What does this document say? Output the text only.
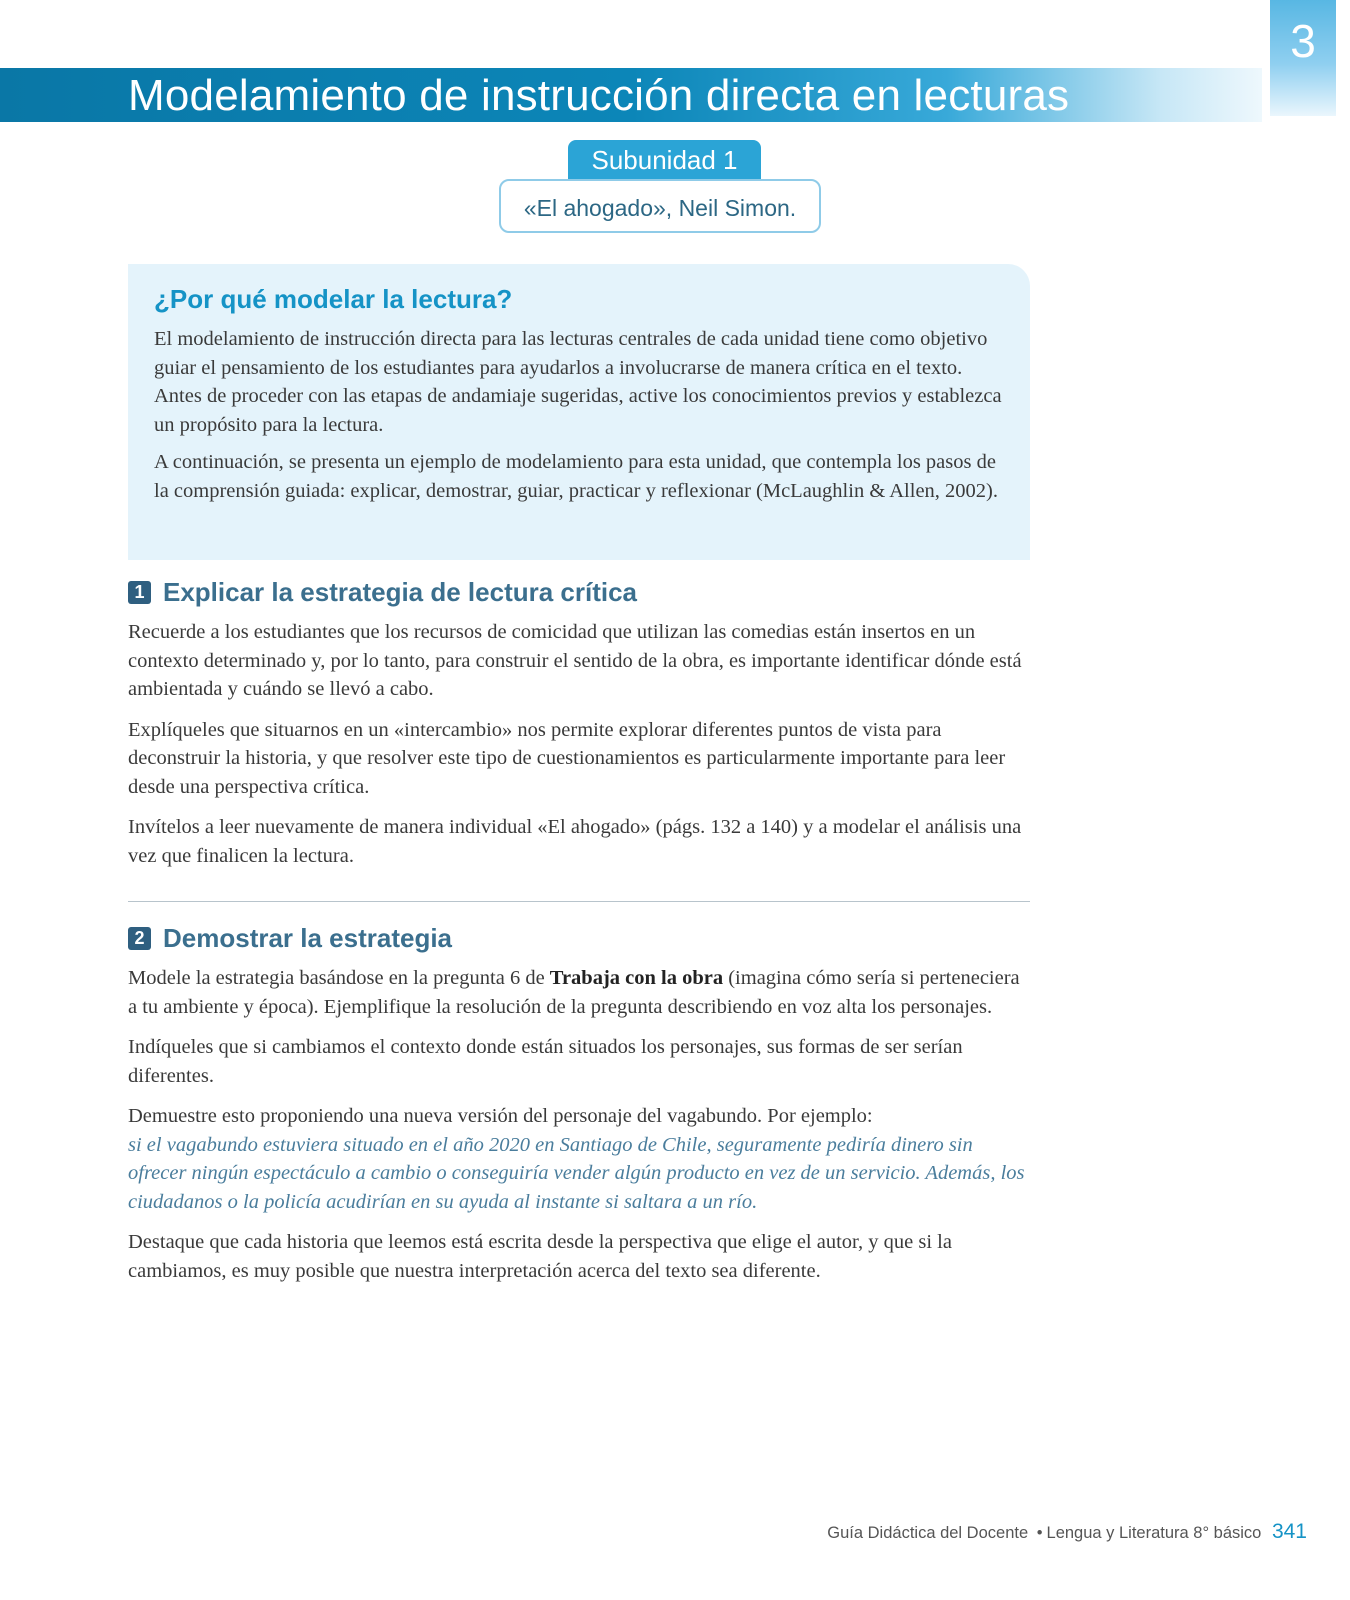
3
Modelamiento de instrucción directa en lecturas
Subunidad 1
«El ahogado», Neil Simon.
¿Por qué modelar la lectura?

El modelamiento de instrucción directa para las lecturas centrales de cada unidad tiene como objetivo guiar el pensamiento de los estudiantes para ayudarlos a involucrarse de manera crítica en el texto. Antes de proceder con las etapas de andamiaje sugeridas, active los conocimientos previos y establezca un propósito para la lectura.

A continuación, se presenta un ejemplo de modelamiento para esta unidad, que contempla los pasos de la comprensión guiada: explicar, demostrar, guiar, practicar y reflexionar (McLaughlin & Allen, 2002).

1 Explicar la estrategia de lectura crítica

Recuerde a los estudiantes que los recursos de comicidad que utilizan las comedias están insertos en un contexto determinado y, por lo tanto, para construir el sentido de la obra, es importante identificar dónde está ambientada y cuándo se llevó a cabo.

Explíqueles que situarnos en un «intercambio» nos permite explorar diferentes puntos de vista para deconstruir la historia, y que resolver este tipo de cuestionamientos es particularmente importante para leer desde una perspectiva crítica.

Invítelos a leer nuevamente de manera individual «El ahogado» (págs. 132 a 140) y a modelar el análisis una vez que finalicen la lectura.

2 Demostrar la estrategia

Modele la estrategia basándose en la pregunta 6 de Trabaja con la obra (imagina cómo sería si perteneciera a tu ambiente y época). Ejemplifique la resolución de la pregunta describiendo en voz alta los personajes.

Indíqueles que si cambiamos el contexto donde están situados los personajes, sus formas de ser serían diferentes.

Demuestre esto proponiendo una nueva versión del personaje del vagabundo. Por ejemplo:
si el vagabundo estuviera situado en el año 2020 en Santiago de Chile, seguramente pediría dinero sin ofrecer ningún espectáculo a cambio o conseguiría vender algún producto en vez de un servicio. Además, los ciudadanos o la policía acudirían en su ayuda al instante si saltara a un río.

Destaque que cada historia que leemos está escrita desde la perspectiva que elige el autor, y que si la cambiamos, es muy posible que nuestra interpretación acerca del texto sea diferente.

Guía Didáctica del Docente • Lengua y Literatura 8° básico 341
